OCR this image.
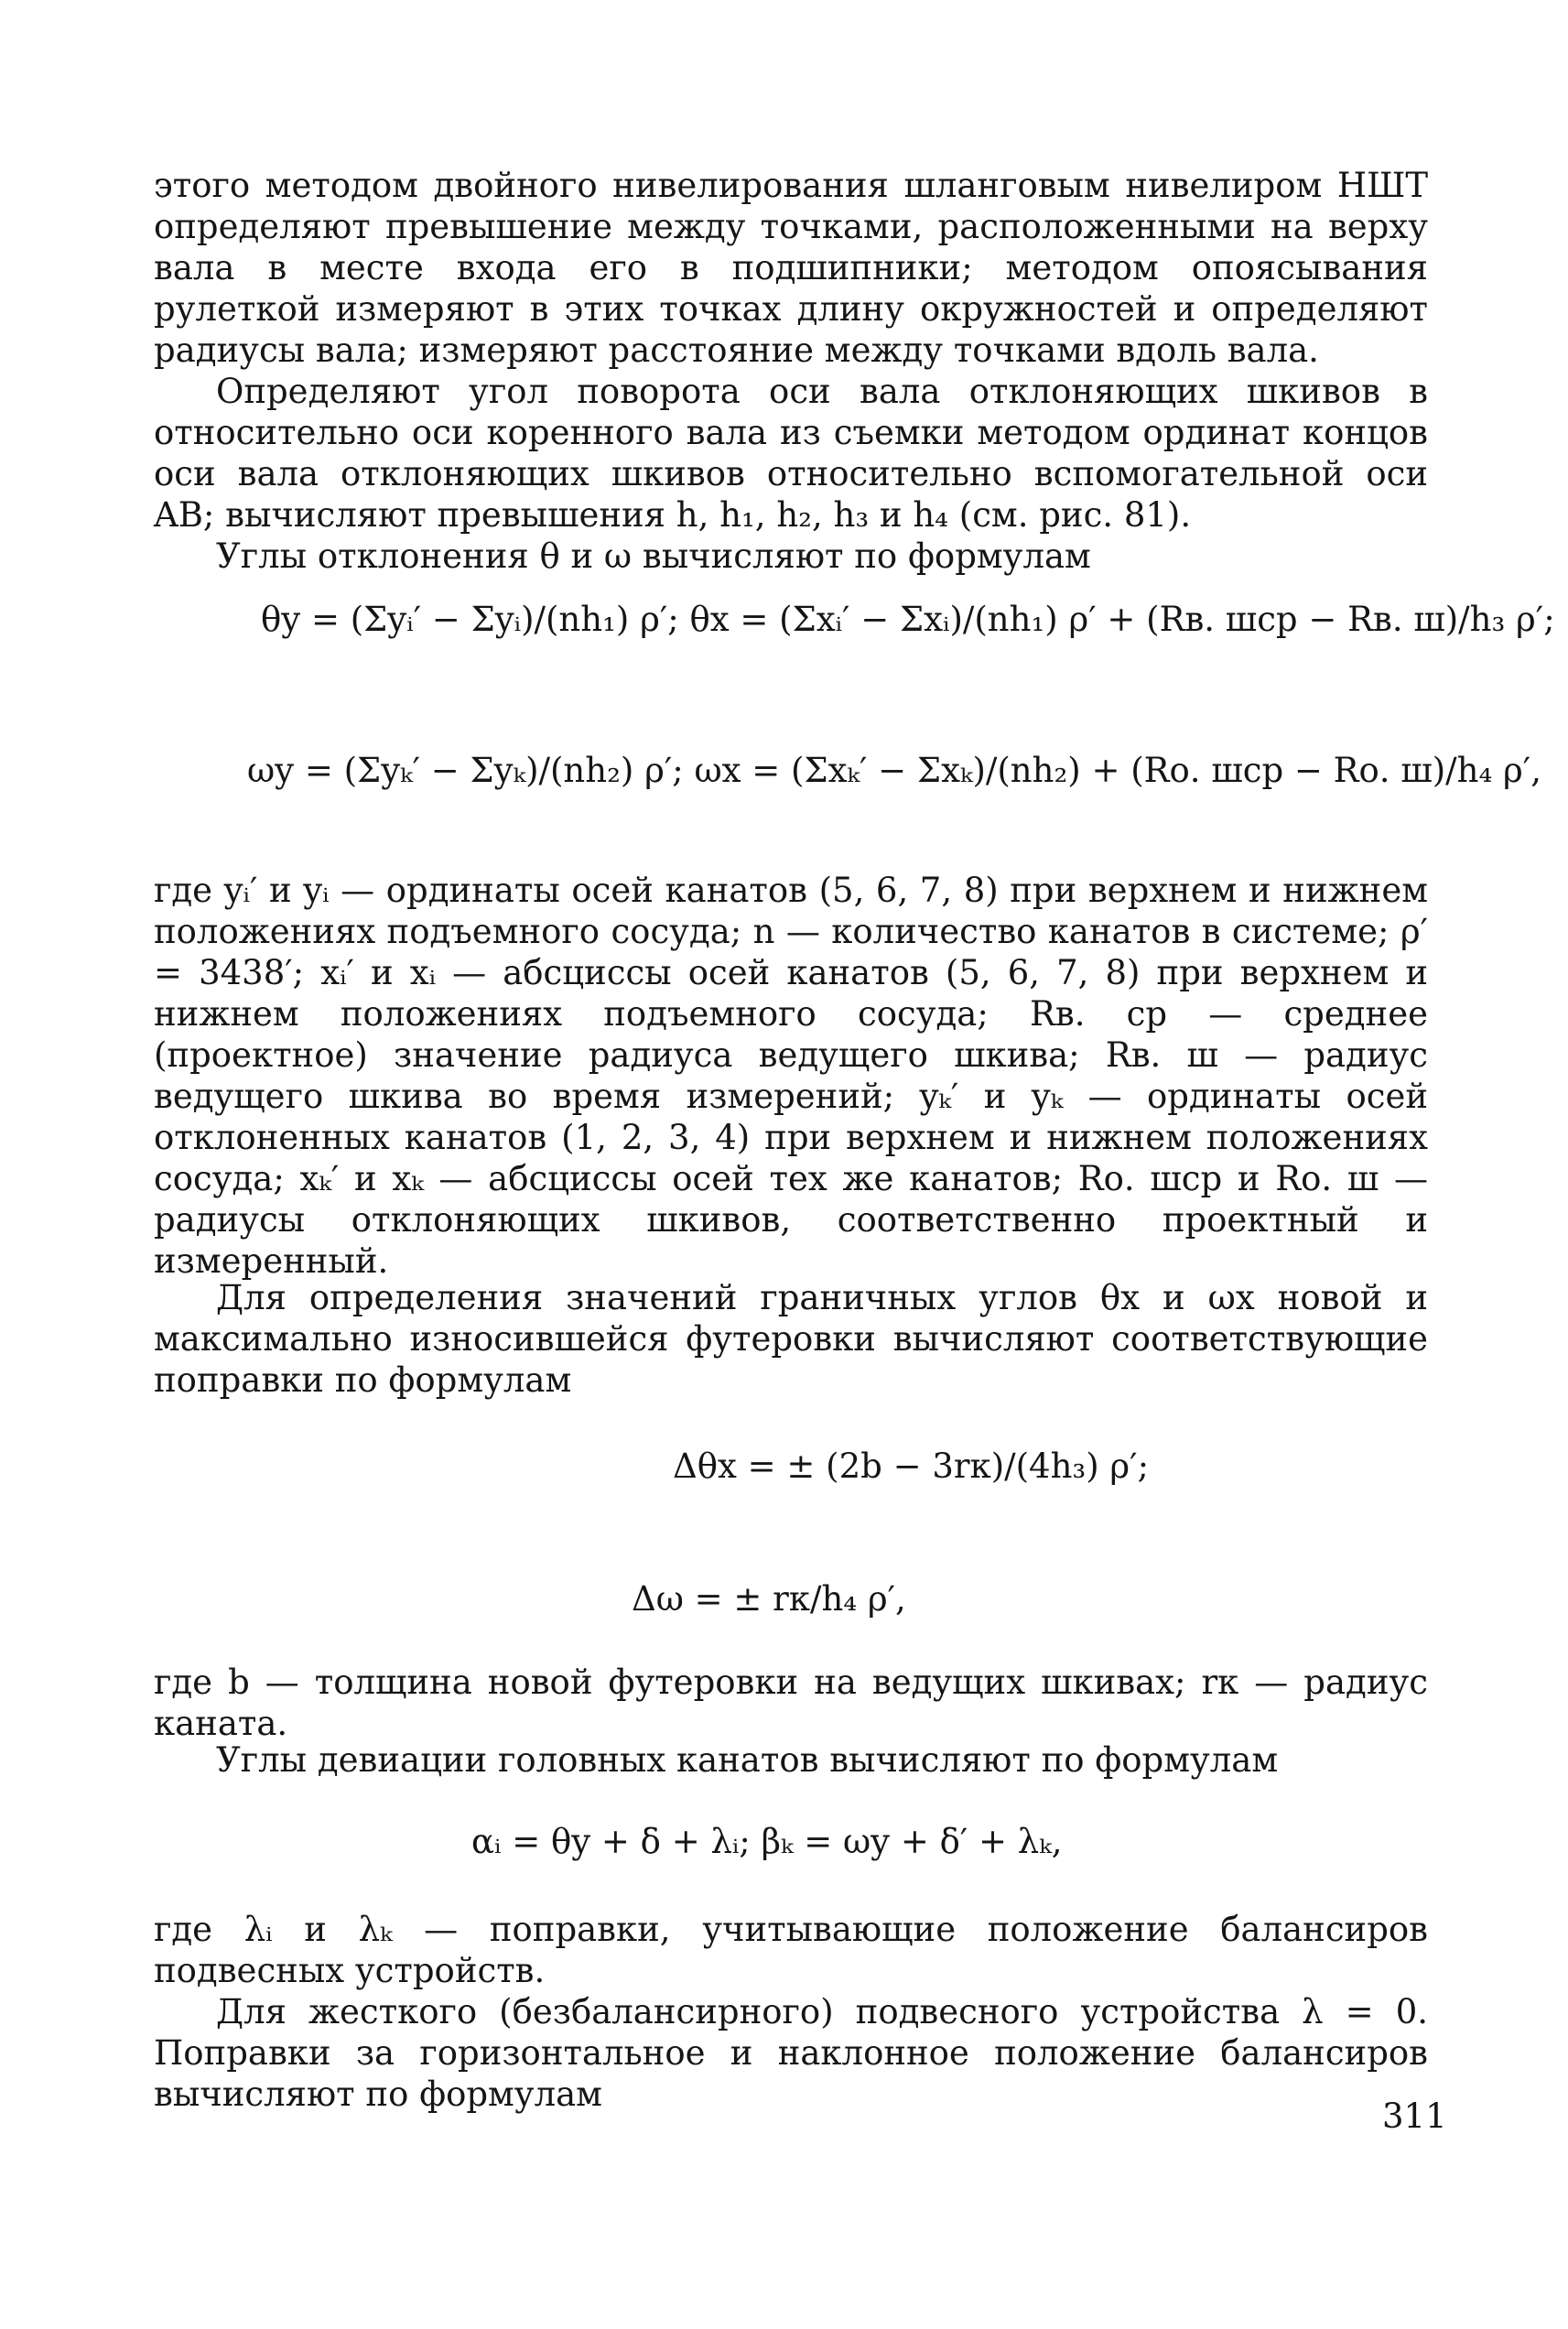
этого методом двойного нивелирования шланговым нивелиром НШТ определяют превышение между точками, расположенными на верху вала в месте входа его в подшипники; методом опоясывания рулеткой измеряют в этих точках длину окружностей и определяют радиусы вала; измеряют расстояние между точками вдоль вала.

Определяют угол поворота оси вала отклоняющих шкивов в относительно оси коренного вала из съемки методом ординат концов оси вала отклоняющих шкивов относительно вспомогательной оси AB; вычисляют превышения h, h₁, h₂, h₃ и h₄ (см. рис. 81).

Углы отклонения θ и ω вычисляют по формулам

θy = (Σyᵢ′ − Σyᵢ)/(nh₁) ρ′; θx = (Σxᵢ′ − Σxᵢ)/(nh₁) ρ′ + (Rв. шср − Rв. ш)/h₃ ρ′;
ωy = (Σyₖ′ − Σyₖ)/(nh₂) ρ′; ωx = (Σxₖ′ − Σxₖ)/(nh₂) + (Rо. шср − Rо. ш)/h₄ ρ′,

где yᵢ′ и yᵢ — ординаты осей канатов (5, 6, 7, 8) при верхнем и нижнем положениях подъемного сосуда; n — количество канатов в системе; ρ′ = 3438′; xᵢ′ и xᵢ — абсциссы осей канатов (5, 6, 7, 8) при верхнем и нижнем положениях подъемного сосуда; Rв. ср — среднее (проектное) значение радиуса ведущего шкива; Rв. ш — радиус ведущего шкива во время измерений; yₖ′ и yₖ — ординаты осей отклоненных канатов (1, 2, 3, 4) при верхнем и нижнем положениях сосуда; xₖ′ и xₖ — абсциссы осей тех же канатов; Rо. шср и Rо. ш — радиусы отклоняющих шкивов, соответственно проектный и измеренный.

Для определения значений граничных углов θx и ωx новой и максимально износившейся футеровки вычисляют соответствующие поправки по формулам

Δθx = ± (2b − 3rк)/(4h₃) ρ′;
Δω = ± rк/h₄ ρ′,

где b — толщина новой футеровки на ведущих шкивах; rк — радиус каната.

Углы девиации головных канатов вычисляют по формулам

αᵢ = θy + δ + λᵢ; βₖ = ωy + δ′ + λₖ,

где λᵢ и λₖ — поправки, учитывающие положение балансиров подвесных устройств.

Для жесткого (безбалансирного) подвесного устройства λ = 0. Поправки за горизонтальное и наклонное положение балансиров вычисляют по формулам

311
